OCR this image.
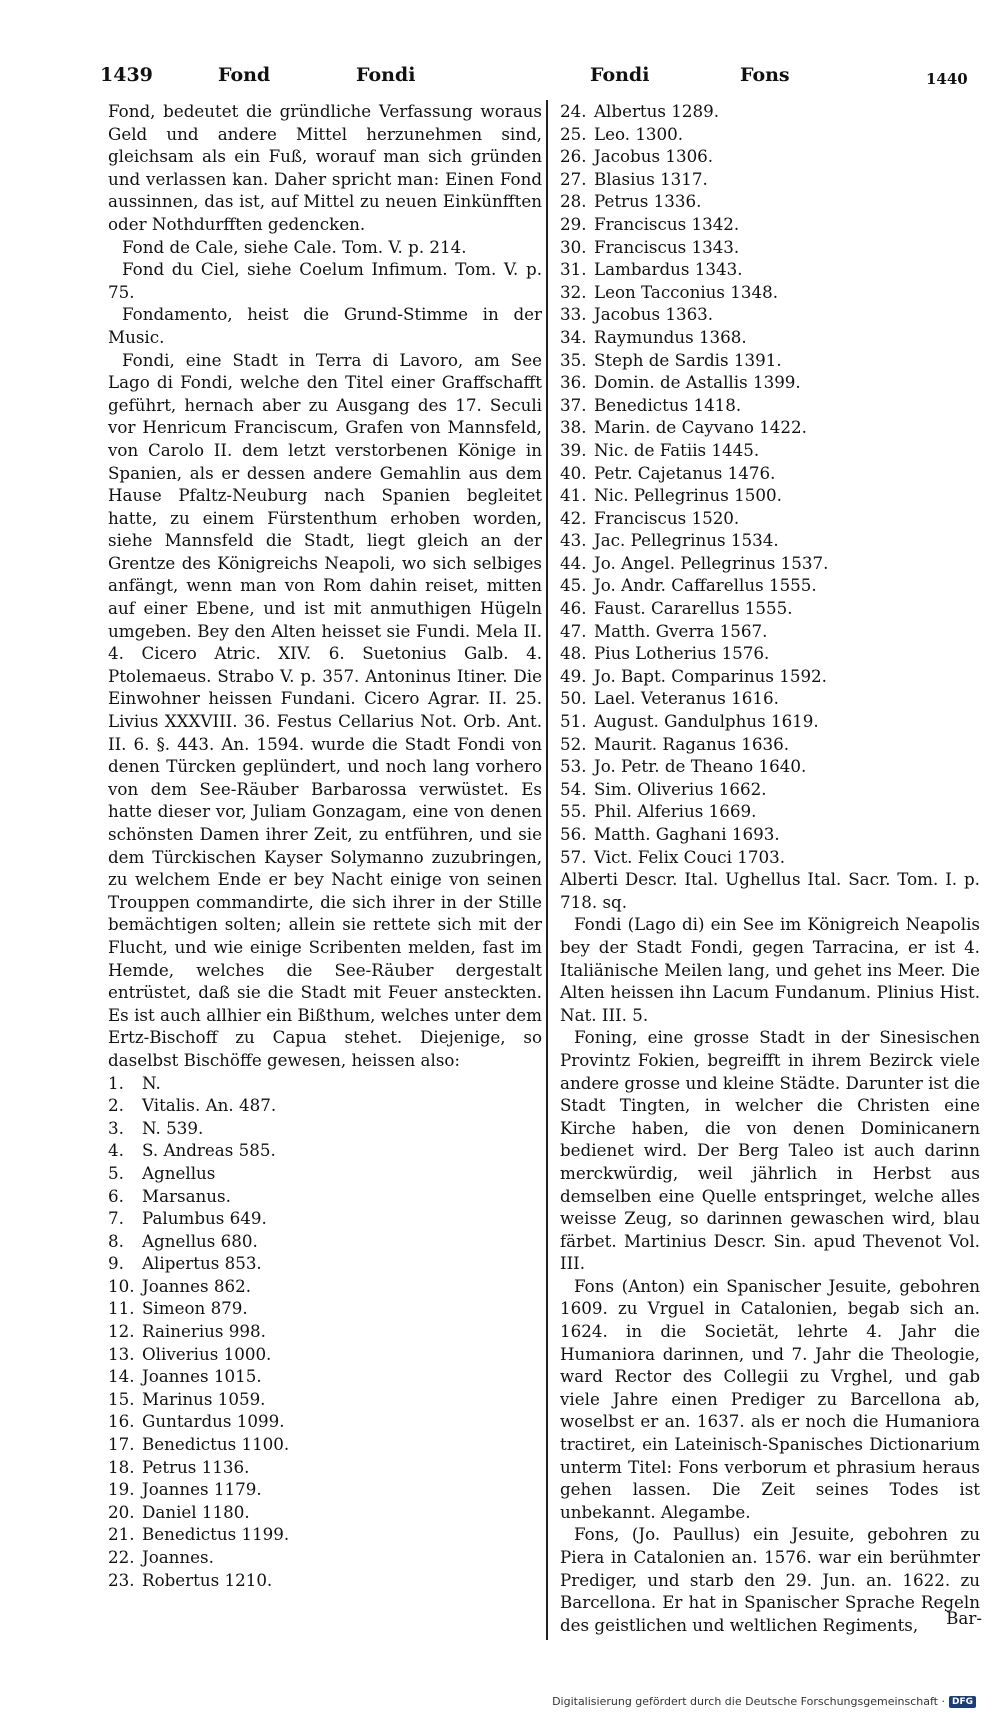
1439	Fond	Fondi	Fondi	Fons	1440

Fond, bedeutet die gründliche Verfassung woraus Geld und andere Mittel herzunehmen sind, gleichsam als ein Fuß, worauf man sich gründen und verlassen kan. Daher spricht man: Einen Fond aussinnen, das ist, auf Mittel zu neuen Einkünfften oder Nothdurfften gedencken.

Fond de Cale, siehe Cale. Tom. V. p. 214.

Fond du Ciel, siehe Coelum Infimum. Tom. V. p. 75.

Fondamento, heist die Grund-Stimme in der Music.

Fondi, eine Stadt in Terra di Lavoro, am See Lago di Fondi, welche den Titel einer Graffschafft geführt, hernach aber zu Ausgang des 17. Seculi vor Henricum Franciscum, Grafen von Mannsfeld, von Carolo II. dem letzt verstorbenen Könige in Spanien, als er dessen andere Gemahlin aus dem Hause Pfaltz-Neuburg nach Spanien begleitet hatte, zu einem Fürstenthum erhoben worden, siehe Mannsfeld die Stadt, liegt gleich an der Grentze des Königreichs Neapoli, wo sich selbiges anfängt, wenn man von Rom dahin reiset, mitten auf einer Ebene, und ist mit anmuthigen Hügeln umgeben. Bey den Alten heisset sie Fundi. Mela II. 4. Cicero Atric. XIV. 6. Suetonius Galb. 4. Ptolemaeus. Strabo V. p. 357. Antoninus Itiner. Die Einwohner heissen Fundani. Cicero Agrar. II. 25. Livius XXXVIII. 36. Festus Cellarius Not. Orb. Ant. II. 6. §. 443. An. 1594. wurde die Stadt Fondi von denen Türcken geplündert, und noch lang vorhero von dem See-Räuber Barbarossa verwüstet. Es hatte dieser vor, Juliam Gonzagam, eine von denen schönsten Damen ihrer Zeit, zu entführen, und sie dem Türckischen Kayser Solymanno zuzubringen, zu welchem Ende er bey Nacht einige von seinen Trouppen commandirte, die sich ihrer in der Stille bemächtigen solten; allein sie rettete sich mit der Flucht, und wie einige Scribenten melden, fast im Hemde, welches die See-Räuber dergestalt entrüstet, daß sie die Stadt mit Feuer ansteckten. Es ist auch allhier ein Bißthum, welches unter dem Ertz-Bischoff zu Capua stehet. Diejenige, so daselbst Bischöffe gewesen, heissen also:

1.	N.
2.	Vitalis. An. 487.
3.	N. 539.
4.	S. Andreas 585.
5.	Agnellus
6.	Marsanus.
7.	Palumbus 649.
8.	Agnellus 680.
9.	Alipertus 853.
10. Joannes 862.
11. Simeon 879.
12. Rainerius 998.
13. Oliverius 1000.
14. Joannes 1015.
15. Marinus 1059.
16. Guntardus 1099.
17. Benedictus 1100.
18. Petrus 1136.
19. Joannes 1179.
20. Daniel 1180.
21. Benedictus 1199.
22. Joannes.
23. Robertus 1210.
24. Albertus 1289.
25. Leo. 1300.
26. Jacobus 1306.
27. Blasius 1317.
28. Petrus 1336.
29. Franciscus 1342.
30. Franciscus 1343.
31. Lambardus 1343.
32. Leon Tacconius 1348.
33. Jacobus 1363.
34. Raymundus 1368.
35. Steph de Sardis 1391.
36. Domin. de Astallis 1399.
37. Benedictus 1418.
38. Marin. de Cayvano 1422.
39. Nic. de Fatiis 1445.
40. Petr. Cajetanus 1476.
41. Nic. Pellegrinus 1500.
42. Franciscus 1520.
43. Jac. Pellegrinus 1534.
44. Jo. Angel. Pellegrinus 1537.
45. Jo. Andr. Caffarellus 1555.
46. Faust. Cararellus 1555.
47. Matth. Gverra 1567.
48. Pius Lotherius 1576.
49. Jo. Bapt. Comparinus 1592.
50. Lael. Veteranus 1616.
51. August. Gandulphus 1619.
52. Maurit. Raganus 1636.
53. Jo. Petr. de Theano 1640.
54. Sim. Oliverius 1662.
55. Phil. Alferius 1669.
56. Matth. Gaghani 1693.
57. Vict. Felix Couci 1703.

Alberti Descr. Ital. Ughellus Ital. Sacr. Tom. I. p. 718. sq.

Fondi (Lago di) ein See im Königreich Neapolis bey der Stadt Fondi, gegen Tarracina, er ist 4. Italiänische Meilen lang, und gehet ins Meer. Die Alten heissen ihn Lacum Fundanum. Plinius Hist. Nat. III. 5.

Foning, eine grosse Stadt in der Sinesischen Provintz Fokien, begreifft in ihrem Bezirck viele andere grosse und kleine Städte. Darunter ist die Stadt Tingten, in welcher die Christen eine Kirche haben, die von denen Dominicanern bedienet wird. Der Berg Taleo ist auch darinn merckwürdig, weil jährlich in Herbst aus demselben eine Quelle entspringet, welche alles weisse Zeug, so darinnen gewaschen wird, blau färbet. Martinius Descr. Sin. apud Thevenot Vol. III.

Fons (Anton) ein Spanischer Jesuite, gebohren 1609. zu Vrguel in Catalonien, begab sich an. 1624. in die Societät, lehrte 4. Jahr die Humaniora darinnen, und 7. Jahr die Theologie, ward Rector des Collegii zu Vrghel, und gab viele Jahre einen Prediger zu Barcellona ab, woselbst er an. 1637. als er noch die Humaniora tractiret, ein Lateinisch-Spanisches Dictionarium unterm Titel: Fons verborum et phrasium heraus gehen lassen. Die Zeit seines Todes ist unbekannt. Alegambe.

Fons, (Jo. Paullus) ein Jesuite, gebohren zu Piera in Catalonien an. 1576. war ein berühmter Prediger, und starb den 29. Jun. an. 1622. zu Barcellona. Er hat in Spanischer Sprache Regeln des geistlichen und weltlichen Regiments,	Bar-
Digitalisierung gefördert durch die Deutsche Forschungsgemeinschaft · DFG
